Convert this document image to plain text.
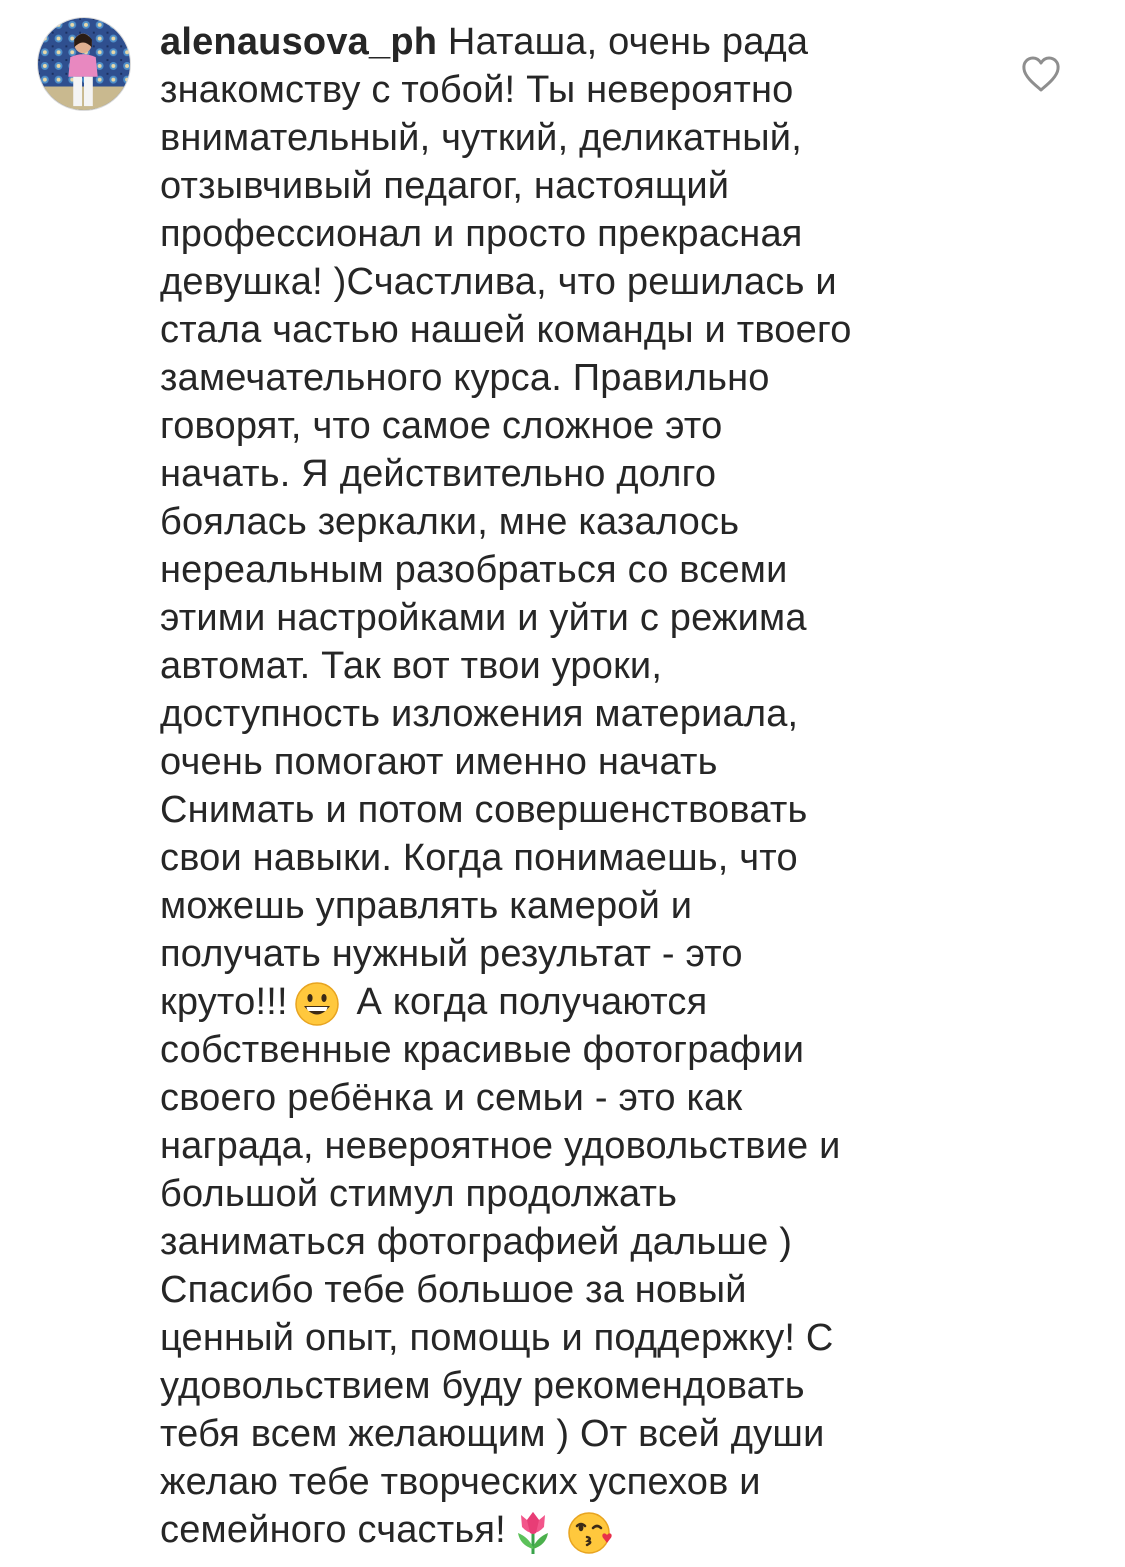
alenausova_ph Наташа, очень рада
знакомству с тобой! Ты невероятно
внимательный, чуткий, деликатный,
отзывчивый педагог, настоящий
профессионал и просто прекрасная
девушка! )Счастлива, что решилась и
стала частью нашей команды и твоего
замечательного курса. Правильно
говорят, что самое сложное это
начать. Я действительно долго
боялась зеркалки, мне казалось
нереальным разобраться со всеми
этими настройками и уйти с режима
автомат. Так вот твои уроки,
доступность изложения материала,
очень помогают именно начать
Снимать и потом совершенствовать
свои навыки. Когда понимаешь, что
можешь управлять камерой и
получать нужный результат - это
круто!!! А когда получаются
собственные красивые фотографии
своего ребёнка и семьи - это как
награда, невероятное удовольствие и
большой стимул продолжать
заниматься фотографией дальше )
Спасибо тебе большое за новый
ценный опыт, помощь и поддержку! С
удовольствием буду рекомендовать
тебя всем желающим ) От всей души
желаю тебе творческих успехов и
семейного счастья!
